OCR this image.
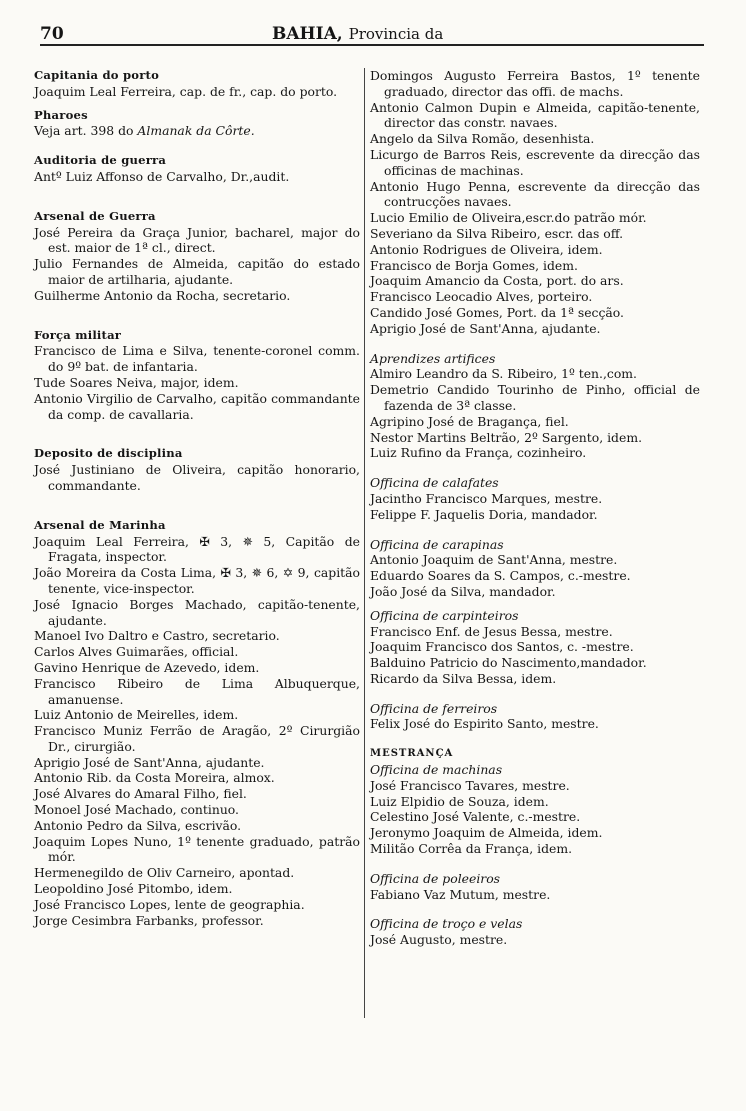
70	BAHIA, Provincia da

Capitania do porto

Joaquim Leal Ferreira, cap. de fr., cap. do porto.

Pharoes

Veja art. 398 do Almanak da Côrte.

Auditoria de guerra

Antº Luiz Affonso de Carvalho, Dr.,audit.

Arsenal de Guerra

José Pereira da Graça Junior, bacharel, major do est. maior de 1ª cl., direct.

Julio Fernandes de Almeida, capitão do estado maior de artilharia, ajudante.

Guilherme Antonio da Rocha, secretario.

Força militar

Francisco de Lima e Silva, tenente-coronel comm. do 9º bat. de infantaria.

Tude Soares Neiva, major, idem.

Antonio Virgilio de Carvalho, capitão commandante da comp. de cavallaria.

Deposito de disciplina

José Justiniano de Oliveira, capitão honorario, commandante.

Arsenal de Marinha

Joaquim Leal Ferreira, ✠ 3, ✵ 5, Capitão de Fragata, inspector.

João Moreira da Costa Lima, ✠ 3, ✵ 6, ✡ 9, capitão tenente, vice-inspector.

José Ignacio Borges Machado, capitão-tenente, ajudante.

Manoel Ivo Daltro e Castro, secretario.

Carlos Alves Guimarães, official.

Gavino Henrique de Azevedo, idem.

Francisco Ribeiro de Lima Albuquerque, amanuense.

Luiz Antonio de Meirelles, idem.

Francisco Muniz Ferrão de Aragão, 2º Cirurgião Dr., cirurgião.

Aprigio José de Sant'Anna, ajudante.

Antonio Rib. da Costa Moreira, almox.

José Alvares do Amaral Filho, fiel.

Monoel José Machado, continuo.

Antonio Pedro da Silva, escrivão.

Joaquim Lopes Nuno, 1º tenente graduado, patrão mór.

Hermenegildo de Oliv Carneiro, apontad.

Leopoldino José Pitombo, idem.

José Francisco Lopes, lente de geographia.

Jorge Cesimbra Farbanks, professor.

Domingos Augusto Ferreira Bastos, 1º tenente graduado, director das offi. de machs.

Antonio Calmon Dupin e Almeida, capitão-tenente, director das constr. navaes.

Angelo da Silva Romão, desenhista.

Licurgo de Barros Reis, escrevente da direcção das officinas de machinas.

Antonio Hugo Penna, escrevente da direcção das contrucções navaes.

Lucio Emilio de Oliveira,escr.do patrão mór.

Severiano da Silva Ribeiro, escr. das off.

Antonio Rodrigues de Oliveira, idem.

Francisco de Borja Gomes, idem.

Joaquim Amancio da Costa, port. do ars.

Francisco Leocadio Alves, porteiro.

Candido José Gomes, Port. da 1ª secção.

Aprigio José de Sant'Anna, ajudante.

Aprendizes artifices

Almiro Leandro da S. Ribeiro, 1º ten.,com.

Demetrio Candido Tourinho de Pinho, official de fazenda de 3ª classe.

Agripino José de Bragança, fiel.

Nestor Martins Beltrão, 2º Sargento, idem.

Luiz Rufino da França, cozinheiro.

Officina de calafates

Jacintho Francisco Marques, mestre.

Felippe F. Jaquelis Doria, mandador.

Officina de carapinas

Antonio Joaquim de Sant'Anna, mestre.

Eduardo Soares da S. Campos, c.-mestre.

João José da Silva, mandador.

Officina de carpinteiros

Francisco Enf. de Jesus Bessa, mestre.

Joaquim Francisco dos Santos, c. -mestre.

Balduino Patricio do Nascimento,mandador.

Ricardo da Silva Bessa, idem.

Officina de ferreiros

Felix José do Espirito Santo, mestre.

MESTRANÇA

Officina de machinas

José Francisco Tavares, mestre.

Luiz Elpidio de Souza, idem.

Celestino José Valente, c.-mestre.

Jeronymo Joaquim de Almeida, idem.

Militão Corrêa da França, idem.

Officina de poleeiros

Fabiano Vaz Mutum, mestre.

Officina de troço e velas

José Augusto, mestre.
